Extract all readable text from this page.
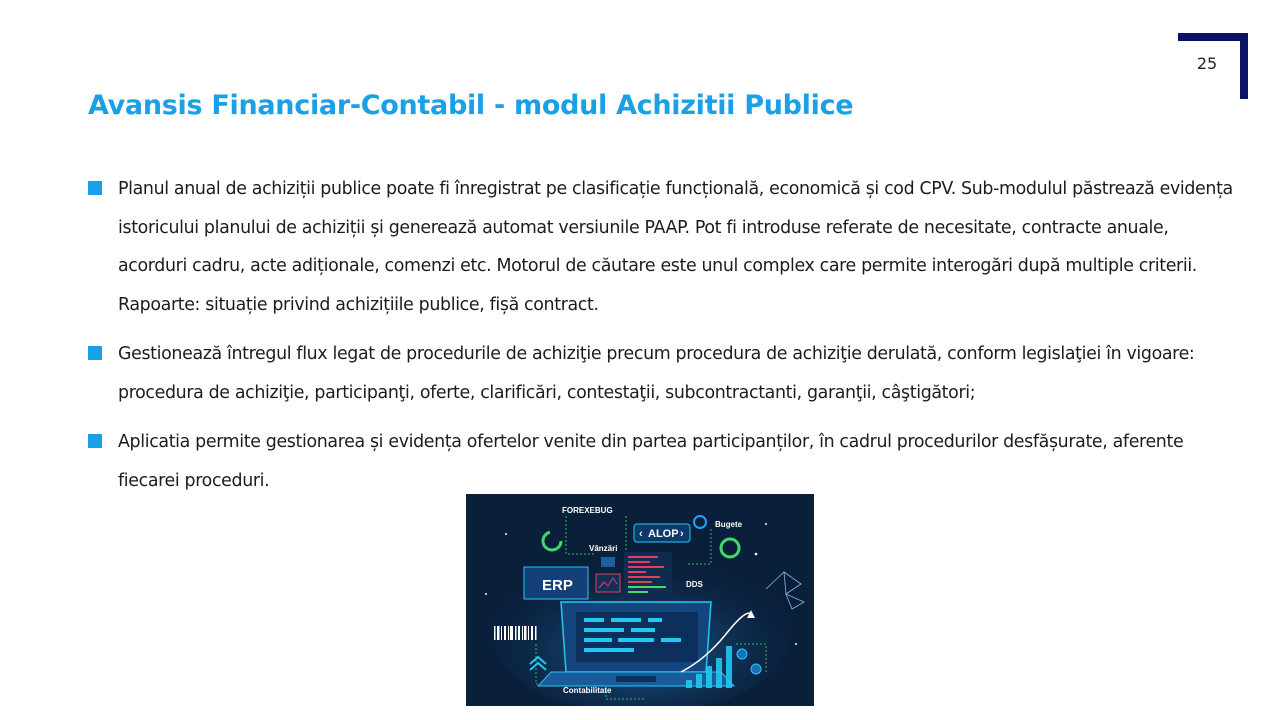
25
Avansis Financiar-Contabil - modul Achizitii Publice
Planul anual de achiziții publice poate fi înregistrat pe clasificație funcțională, economică și cod CPV. Sub-modulul păstrează evidența istoricului planului de achiziții și generează automat versiunile PAAP. Pot fi introduse referate de necesitate, contracte anuale, acorduri cadru, acte adiționale, comenzi etc. Motorul de căutare este unul complex care permite interogări după multiple criterii. Rapoarte: situație privind achizițiile publice, fișă contract.
Gestionează întregul flux legat de procedurile de achiziţie precum procedura de achiziţie derulată, conform legislaţiei în vigoare: procedura de achiziţie, participanţi, oferte, clarificări, contestaţii, subcontractanti, garanţii, câştigători;
Aplicatia permite gestionarea și evidența ofertelor venite din partea participanților, în cadrul procedurilor desfășurate, aferente fiecarei proceduri.
FOREXEBUG
‹ ALOP ›
Bugete
Vânzări
ERP	DDS
Contabilitate
